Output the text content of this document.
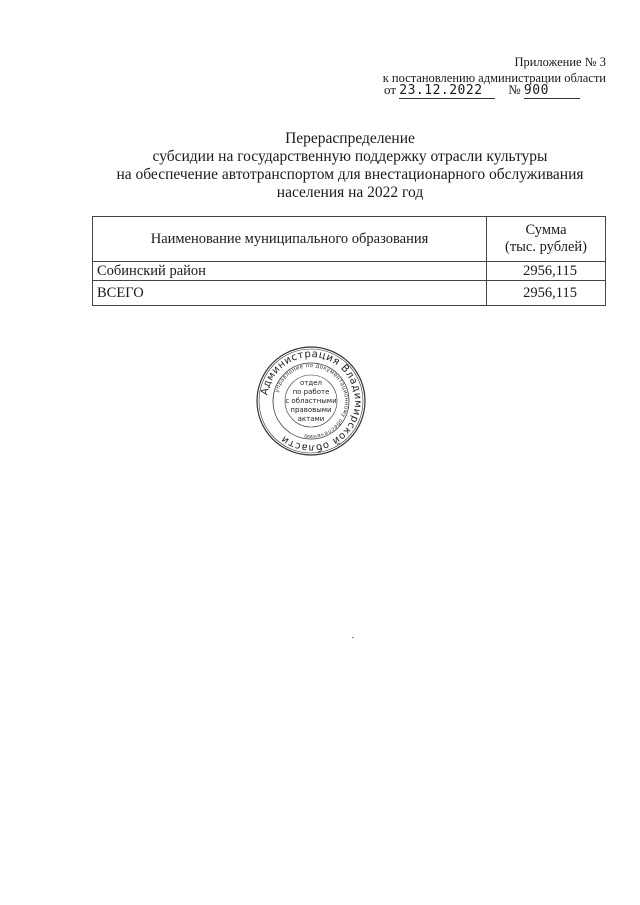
Приложение № 3
к постановлению администрации области
от 23.12.2022 № 900
Перераспределение
субсидии на государственную поддержку отрасли культуры
на обеспечение автотранспортом для внестационарного обслуживания
населения на 2022 год
Наименование муниципального образования	Сумма
(тыс. рублей)

Собинский район	2956,115
ВСЕГО	2956,115
Администрация Владимирской области
управление по документационному обеспечению
отдел
по работе
с областными
правовыми
актами
